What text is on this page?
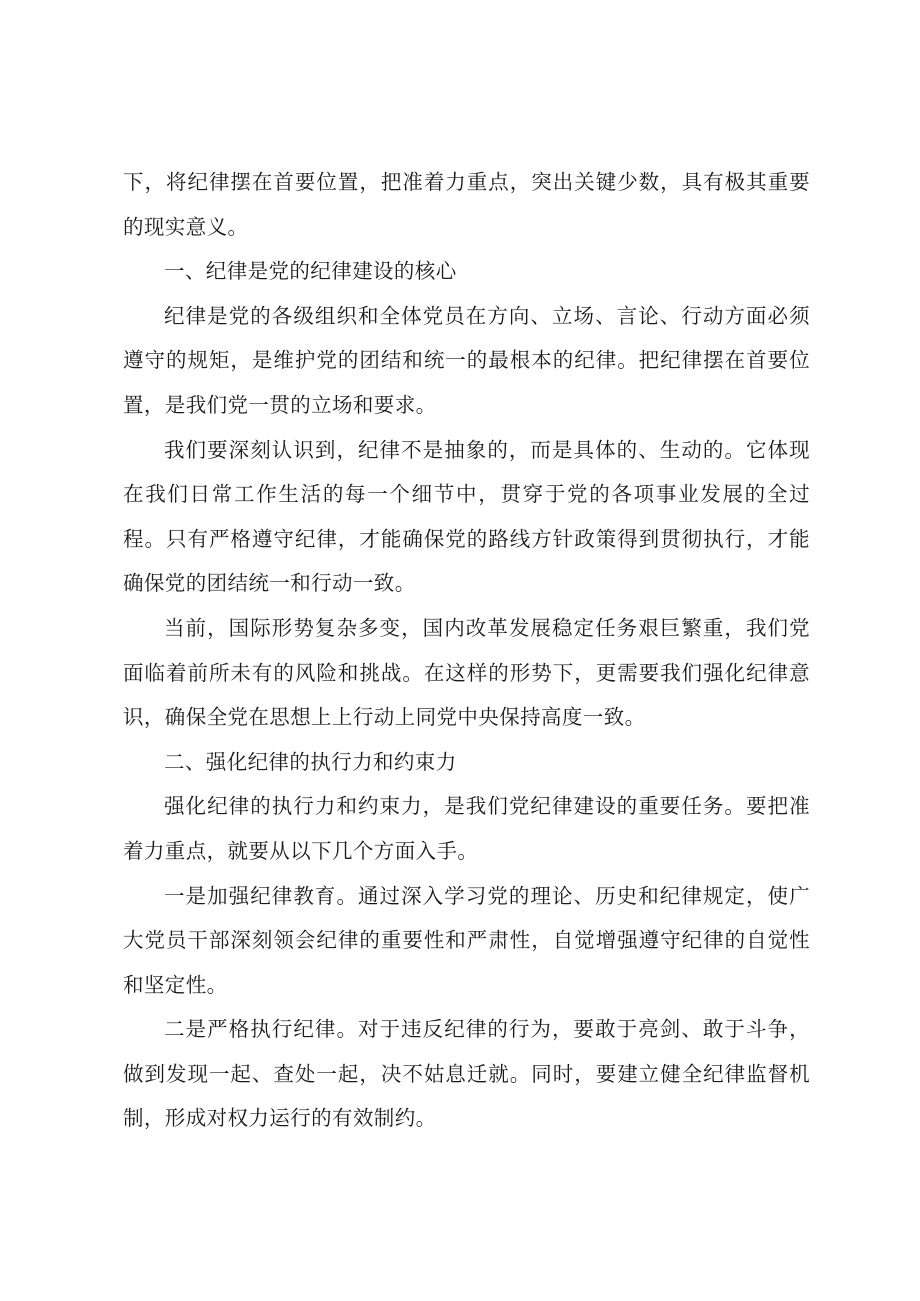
下，将纪律摆在首要位置，把准着力重点，突出关键少数，具有极其重要的现实意义。

一、纪律是党的纪律建设的核心

纪律是党的各级组织和全体党员在方向、立场、言论、行动方面必须遵守的规矩，是维护党的团结和统一的最根本的纪律。把纪律摆在首要位置，是我们党一贯的立场和要求。

我们要深刻认识到，纪律不是抽象的，而是具体的、生动的。它体现在我们日常工作生活的每一个细节中，贯穿于党的各项事业发展的全过程。只有严格遵守纪律，才能确保党的路线方针政策得到贯彻执行，才能确保党的团结统一和行动一致。

当前，国际形势复杂多变，国内改革发展稳定任务艰巨繁重，我们党面临着前所未有的风险和挑战。在这样的形势下，更需要我们强化纪律意识，确保全党在思想上上行动上同党中央保持高度一致。

二、强化纪律的执行力和约束力

强化纪律的执行力和约束力，是我们党纪律建设的重要任务。要把准着力重点，就要从以下几个方面入手。

一是加强纪律教育。通过深入学习党的理论、历史和纪律规定，使广大党员干部深刻领会纪律的重要性和严肃性，自觉增强遵守纪律的自觉性和坚定性。

二是严格执行纪律。对于违反纪律的行为，要敢于亮剑、敢于斗争，做到发现一起、查处一起，决不姑息迁就。同时，要建立健全纪律监督机制，形成对权力运行的有效制约。
